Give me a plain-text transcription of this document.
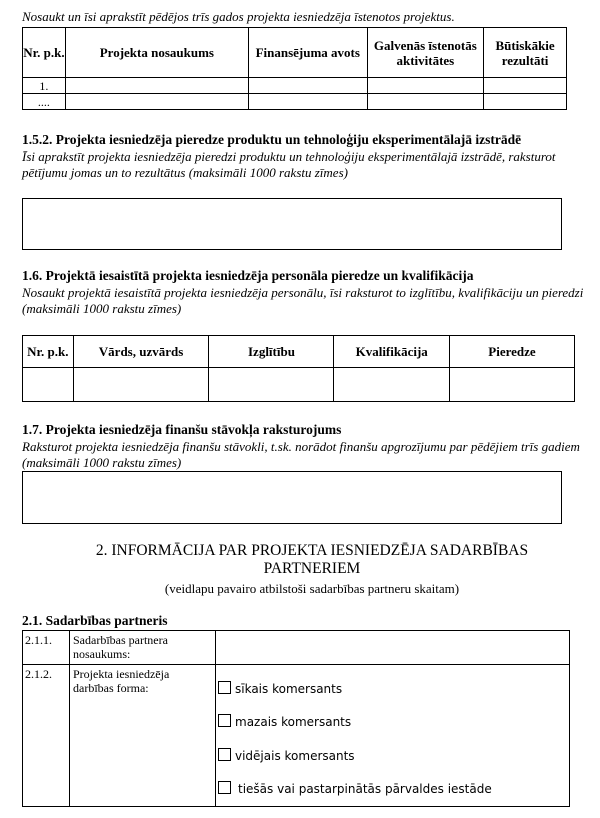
Nosaukt un īsi aprakstīt pēdējos trīs gados projekta iesniedzēja īstenotos projektus.
Nr. p.k.	Projekta nosaukums	Finansējuma avots	Galvenās īstenotās aktivitātes	Būtiskākie rezultāti
1.				
....				
1.5.2. Projekta iesniedzēja pieredze produktu un tehnoloģiju eksperimentālajā izstrādē
Īsi aprakstīt projekta iesniedzēja pieredzi produktu un tehnoloģiju eksperimentālajā izstrādē, raksturot pētījumu jomas un to rezultātus (maksimāli 1000 rakstu zīmes)
1.6. Projektā iesaistītā projekta iesniedzēja personāla pieredze un kvalifikācija
Nosaukt projektā iesaistītā projekta iesniedzēja personālu, īsi raksturot to izglītību, kvalifikāciju un pieredzi (maksimāli 1000 rakstu zīmes)
Nr. p.k.	Vārds, uzvārds	Izglītību	Kvalifikācija	Pieredze

1.7. Projekta iesniedzēja finanšu stāvokļa raksturojums
Raksturot projekta iesniedzēja finanšu stāvokli, t.sk. norādot finanšu apgrozījumu par pēdējiem trīs gadiem (maksimāli 1000 rakstu zīmes)
2. INFORMĀCIJA PAR PROJEKTA IESNIEDZĒJA SADARBĪBAS
PARTNERIEM
(veidlapu pavairo atbilstoši sadarbības partneru skaitam)
2.1. Sadarbības partneris
2.1.1.	Sadarbības partnera nosaukums:	
2.1.2.	Projekta iesniedzēja darbības forma:		sīkais komersants
mazais komersants
vidējais komersants
tiešās vai pastarpinātās pārvaldes iestāde
